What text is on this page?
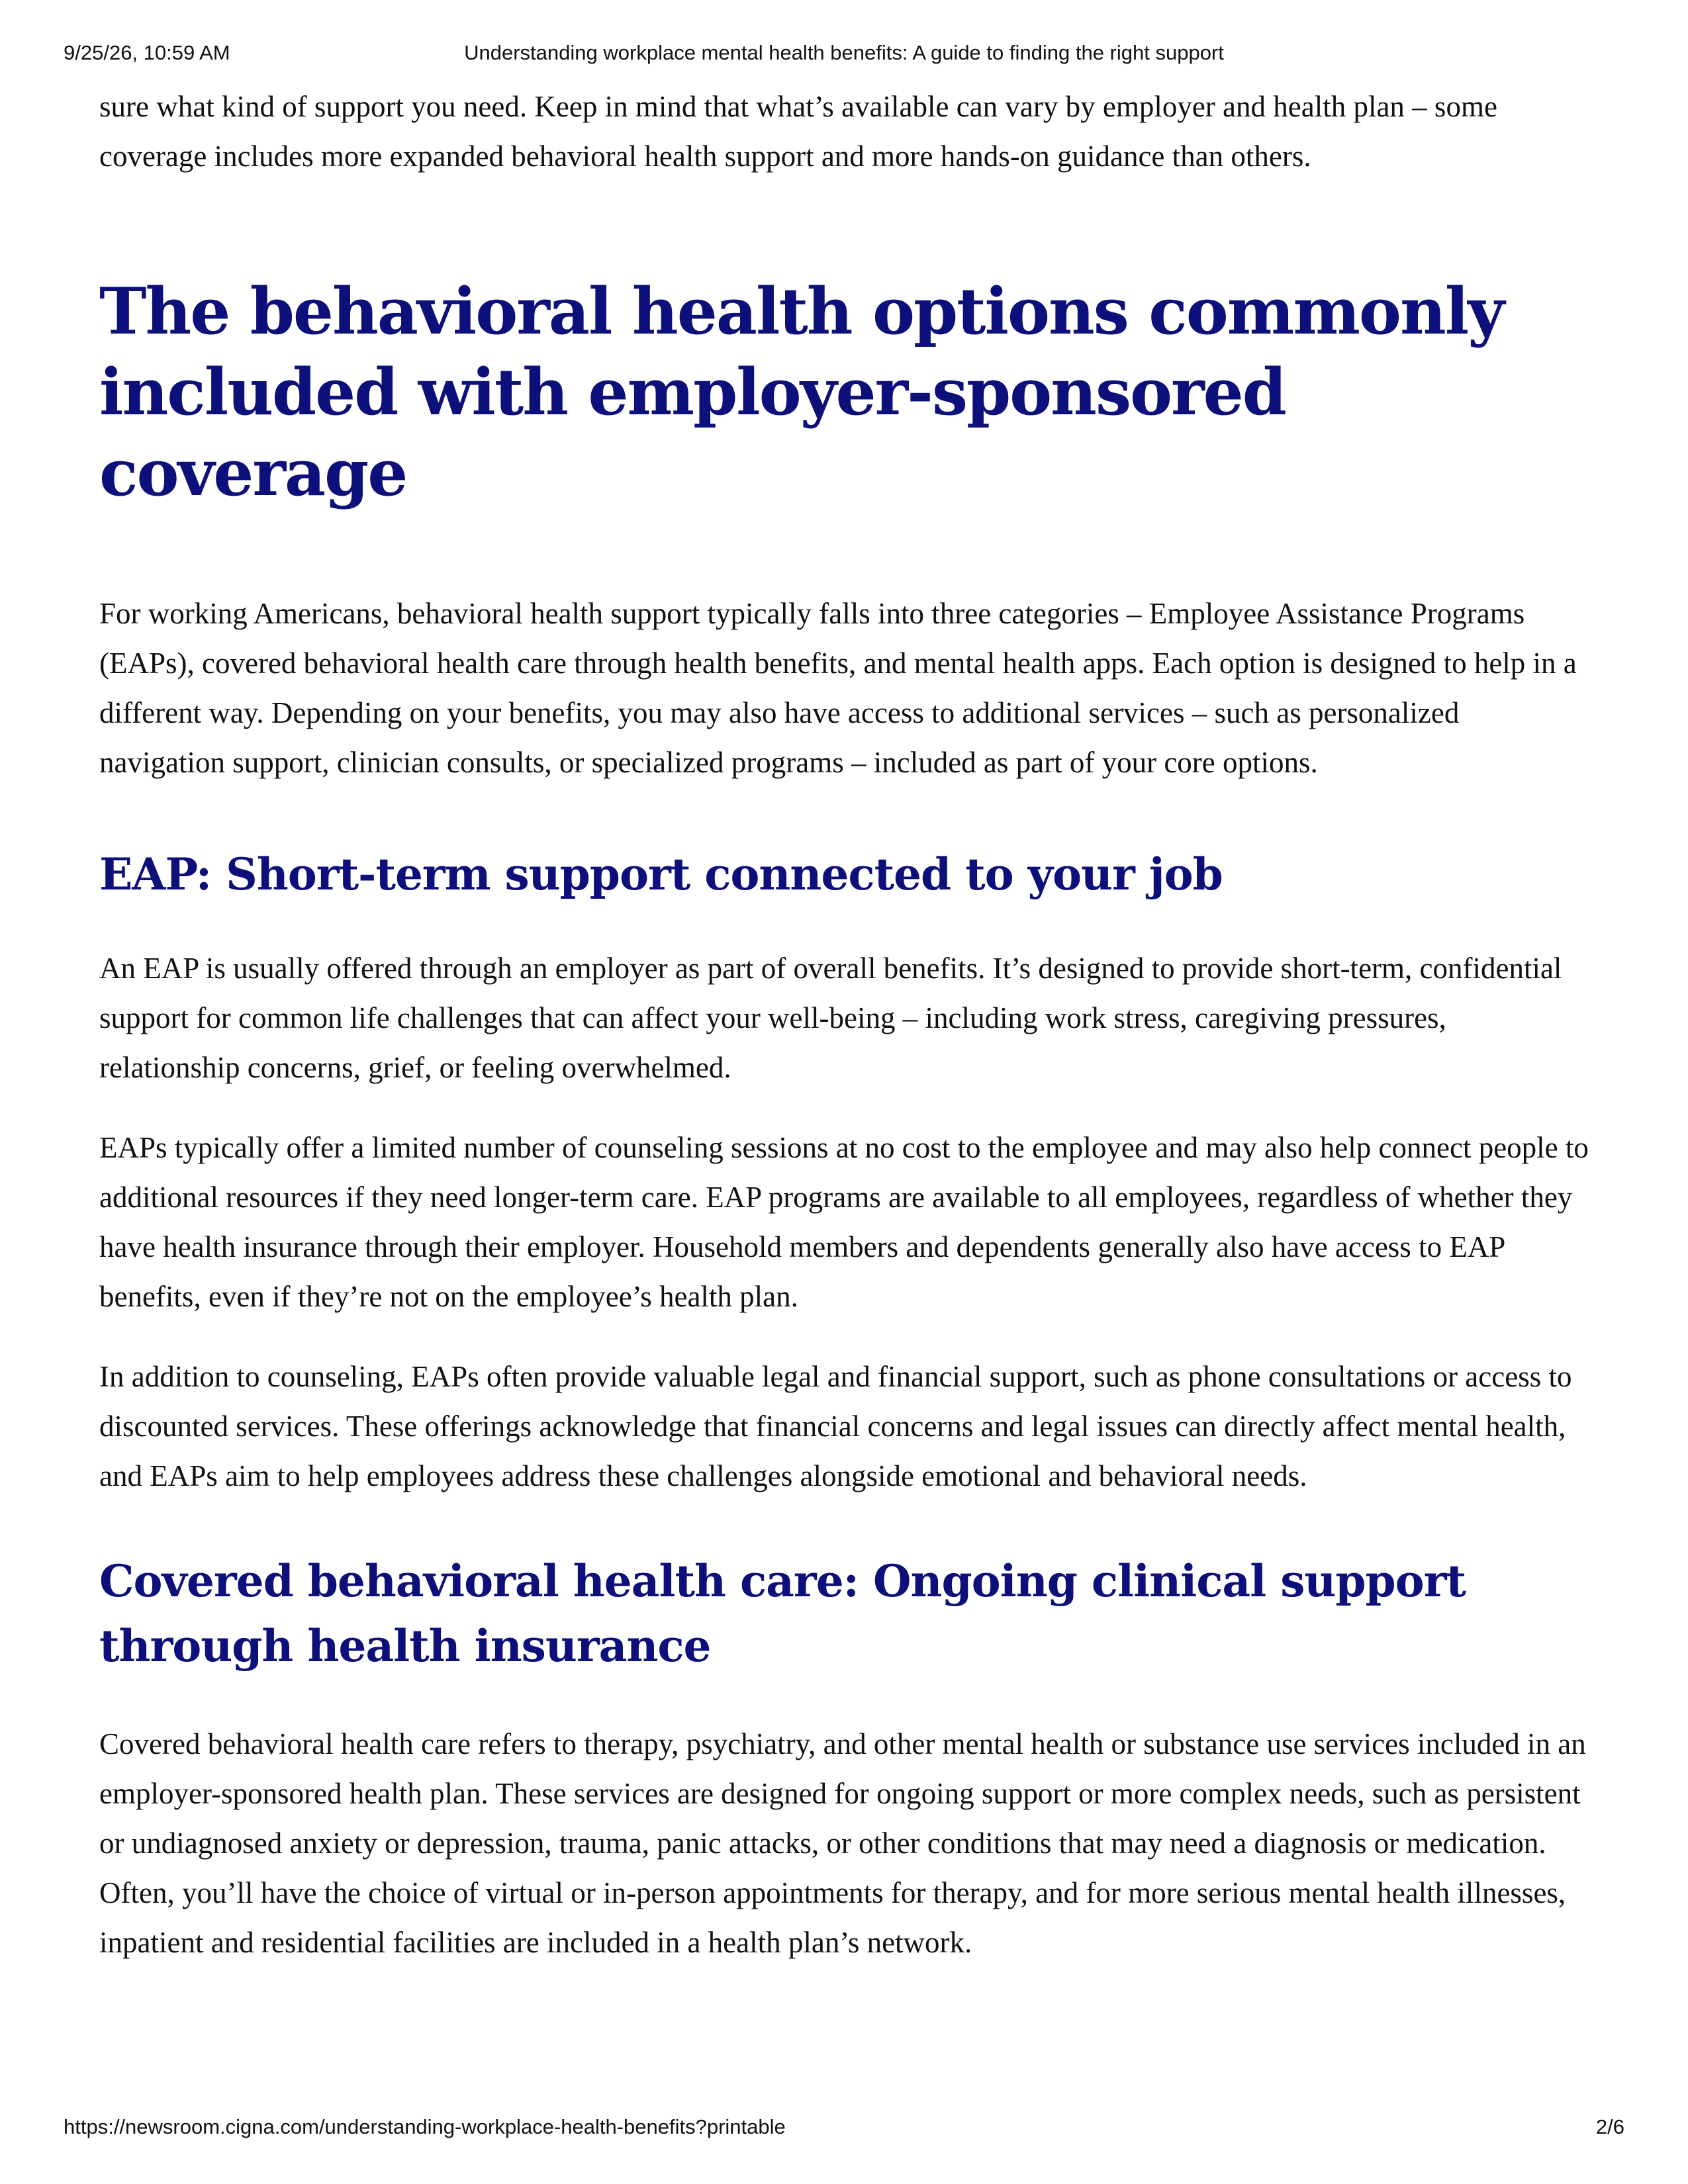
Understanding workplace mental health benefits: A guide to finding the right support
9/25/26, 10:59 AM

sure what kind of support you need. Keep in mind that what’s available can vary by employer and health plan – some coverage includes more expanded behavioral health support and more hands-on guidance than others.

The behavioral health options commonly included with employer-sponsored coverage

For working Americans, behavioral health support typically falls into three categories – Employee Assistance Programs (EAPs), covered behavioral health care through health benefits, and mental health apps. Each option is designed to help in a different way. Depending on your benefits, you may also have access to additional services – such as personalized navigation support, clinician consults, or specialized programs – included as part of your core options.

EAP: Short-term support connected to your job

An EAP is usually offered through an employer as part of overall benefits. It’s designed to provide short-term, confidential support for common life challenges that can affect your well-being – including work stress, caregiving pressures, relationship concerns, grief, or feeling overwhelmed.

EAPs typically offer a limited number of counseling sessions at no cost to the employee and may also help connect people to additional resources if they need longer-term care. EAP programs are available to all employees, regardless of whether they have health insurance through their employer. Household members and dependents generally also have access to EAP benefits, even if they’re not on the employee’s health plan.

In addition to counseling, EAPs often provide valuable legal and financial support, such as phone consultations or access to discounted services. These offerings acknowledge that financial concerns and legal issues can directly affect mental health, and EAPs aim to help employees address these challenges alongside emotional and behavioral needs.

Covered behavioral health care: Ongoing clinical support through health insurance

Covered behavioral health care refers to therapy, psychiatry, and other mental health or substance use services included in an employer-sponsored health plan. These services are designed for ongoing support or more complex needs, such as persistent or undiagnosed anxiety or depression, trauma, panic attacks, or other conditions that may need a diagnosis or medication. Often, you’ll have the choice of virtual or in-person appointments for therapy, and for more serious mental health illnesses, inpatient and residential facilities are included in a health plan’s network.

https://newsroom.cigna.com/understanding-workplace-health-benefits?printable	2/6
